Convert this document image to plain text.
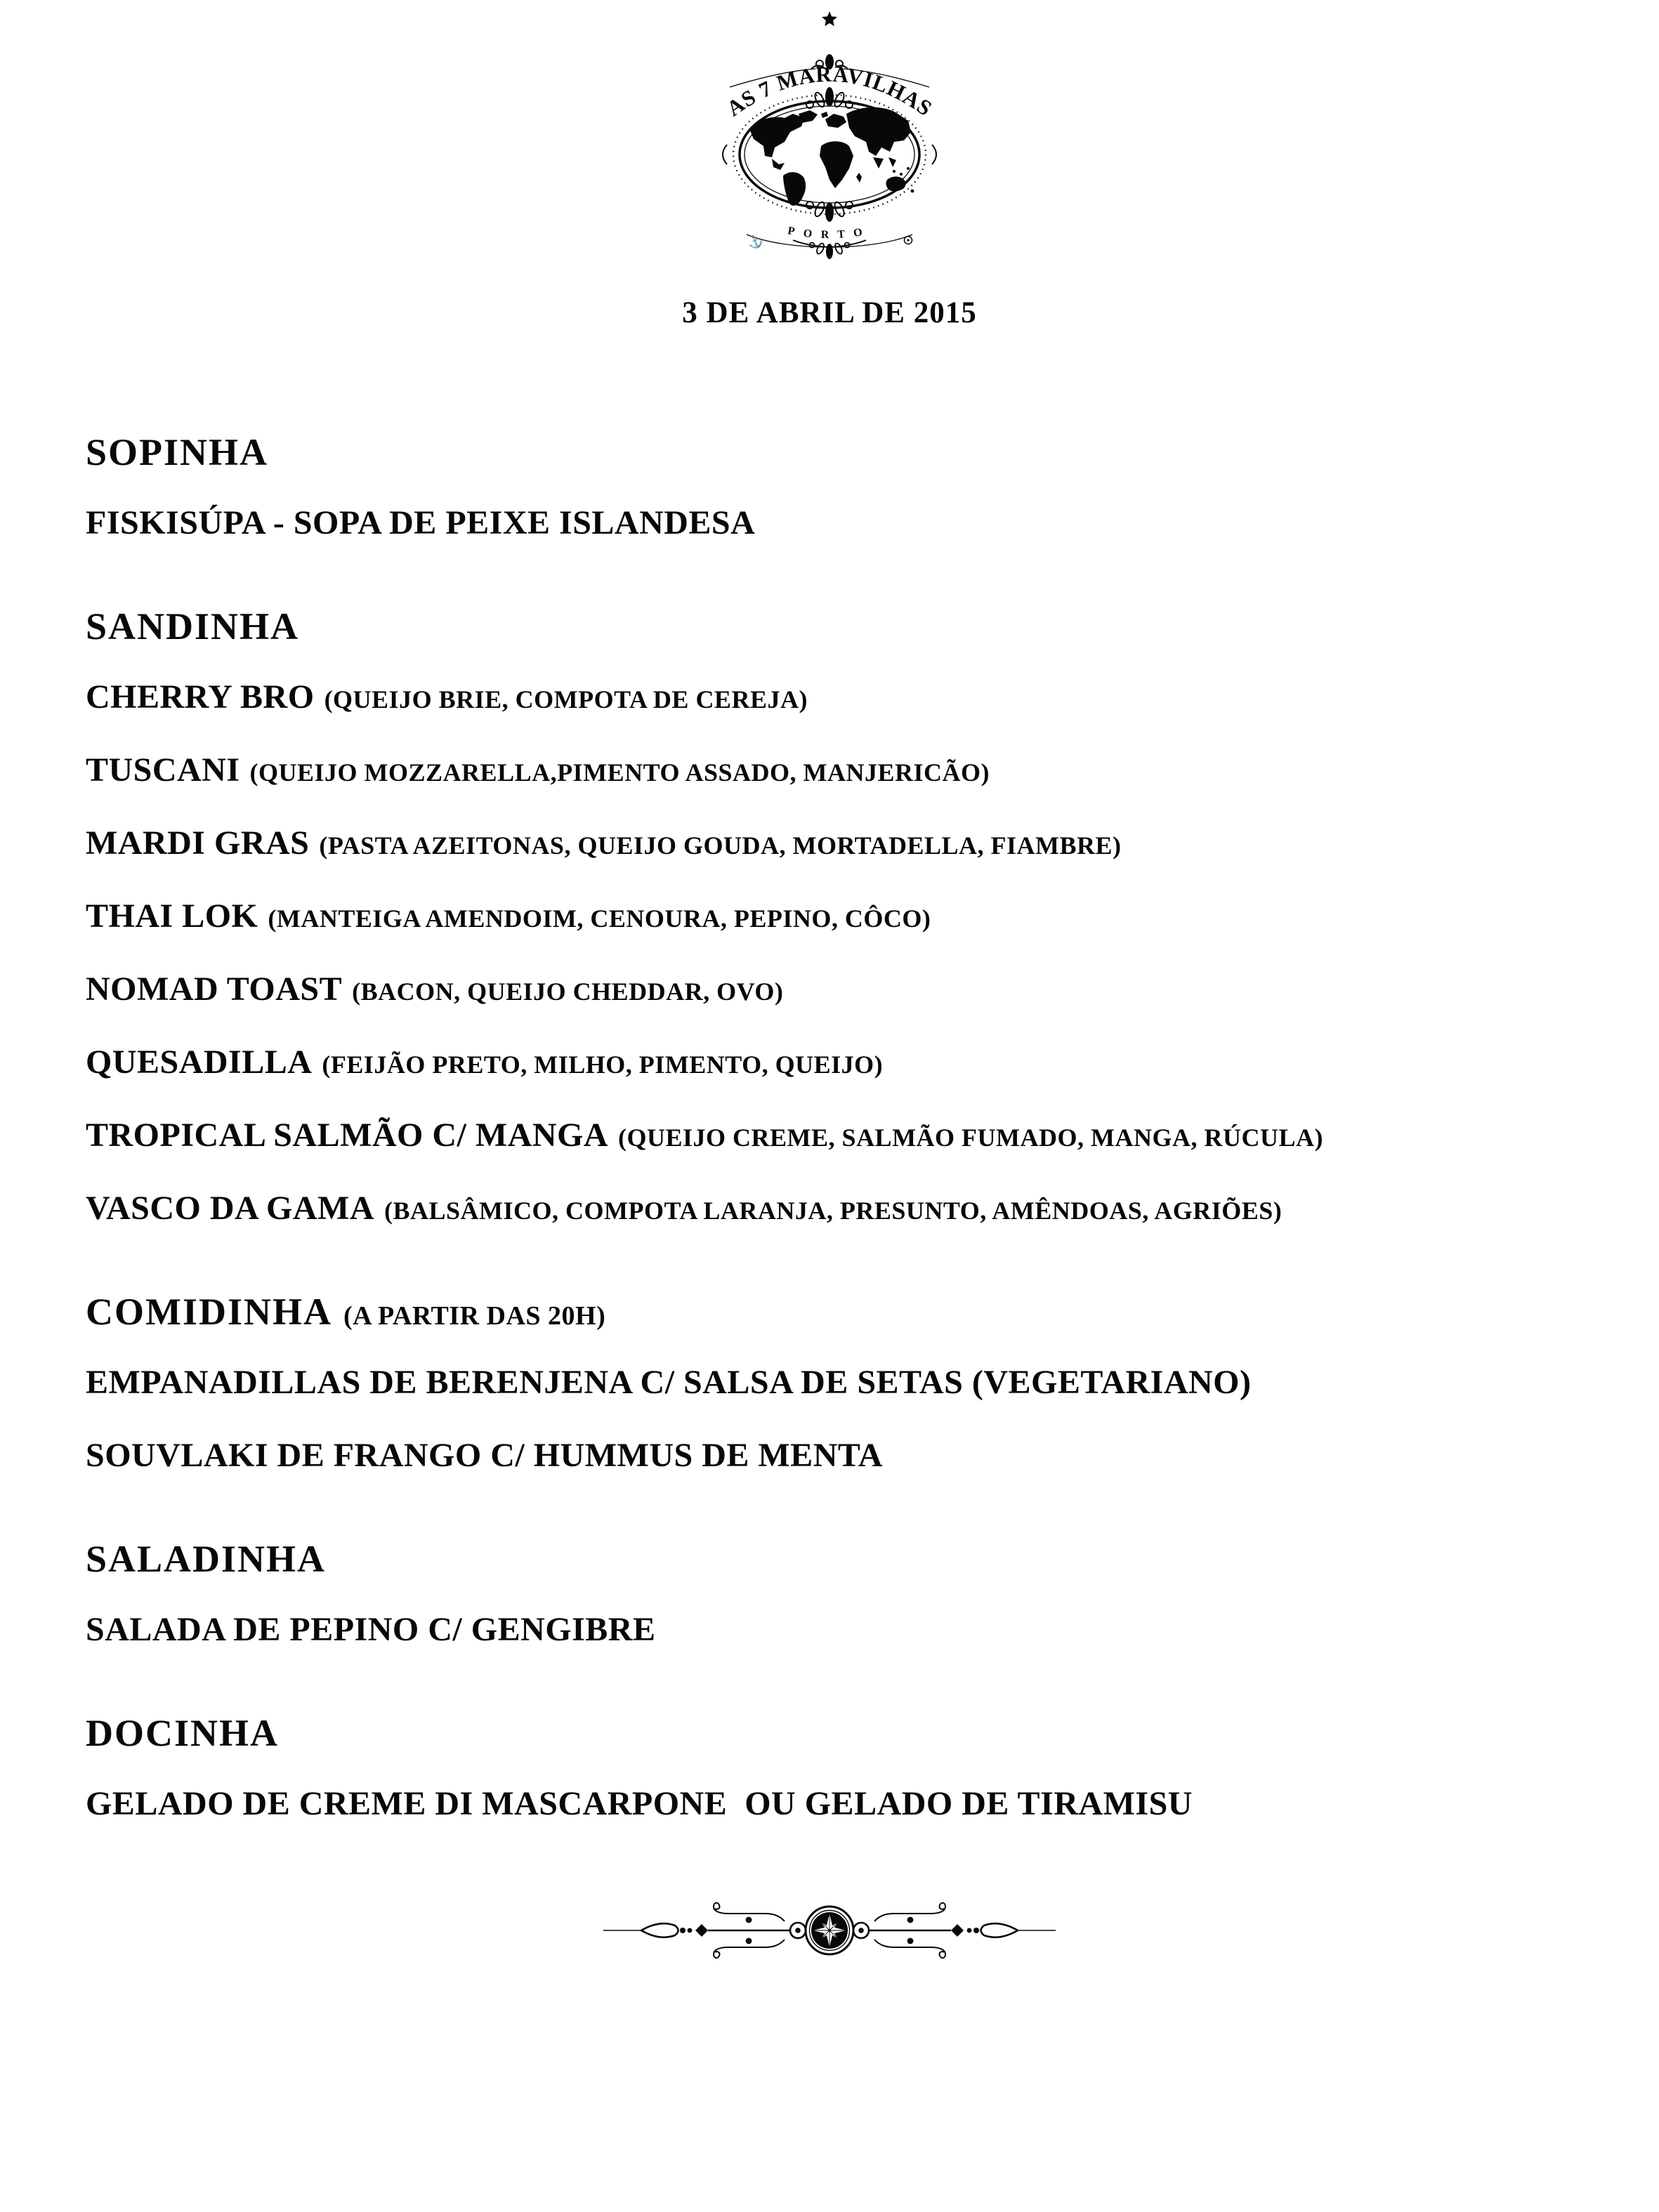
AS 7 MARAVILHAS
PORTO
⚓
3 DE ABRIL DE 2015
SOPINHA
FISKISÚPA - SOPA DE PEIXE ISLANDESA
SANDINHA
CHERRY BRO (QUEIJO BRIE, COMPOTA DE CEREJA)
TUSCANI (QUEIJO MOZZARELLA,PIMENTO ASSADO, MANJERICÃO)
MARDI GRAS (PASTA AZEITONAS, QUEIJO GOUDA, MORTADELLA, FIAMBRE)
THAI LOK (MANTEIGA AMENDOIM, CENOURA, PEPINO, CÔCO)
NOMAD TOAST (BACON, QUEIJO CHEDDAR, OVO)
QUESADILLA (FEIJÃO PRETO, MILHO, PIMENTO, QUEIJO)
TROPICAL SALMÃO C/ MANGA (QUEIJO CREME, SALMÃO FUMADO, MANGA, RÚCULA)
VASCO DA GAMA (BALSÂMICO, COMPOTA LARANJA, PRESUNTO, AMÊNDOAS, AGRIÕES)
COMIDINHA (A PARTIR DAS 20H)
EMPANADILLAS DE BERENJENA C/ SALSA DE SETAS (VEGETARIANO)
SOUVLAKI DE FRANGO C/ HUMMUS DE MENTA
SALADINHA
SALADA DE PEPINO C/ GENGIBRE
DOCINHA
GELADO DE CREME DI MASCARPONE  OU GELADO DE TIRAMISU
